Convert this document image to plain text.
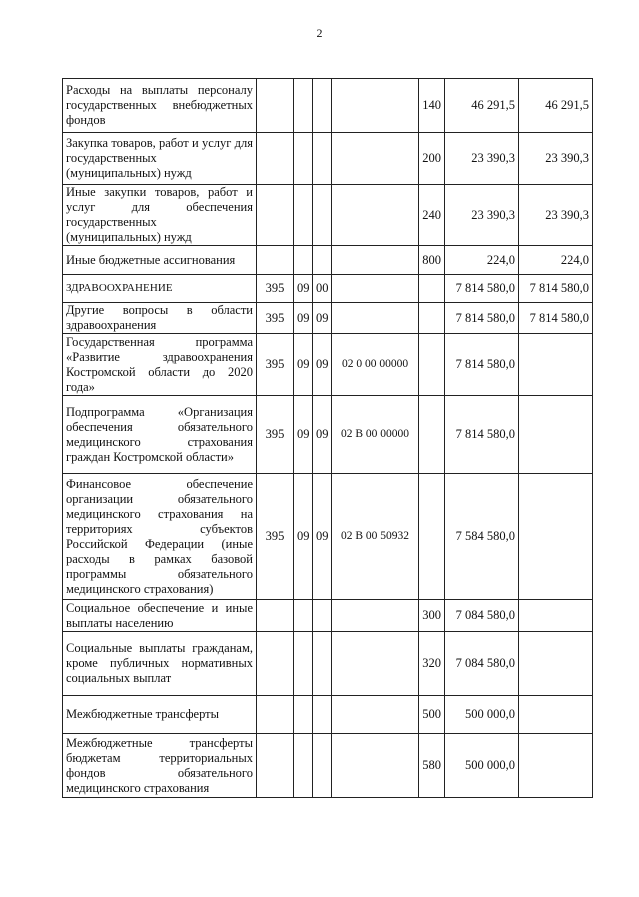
2
Расходы на выплаты персоналу государственных внебюджетных фондов					140	46 291,5	46 291,5
Закупка товаров, работ и услуг для государственных (муниципальных) нужд					200	23 390,3	23 390,3
Иные закупки товаров, работ и услуг для обеспечения государственных (муниципальных) нужд					240	23 390,3	23 390,3
Иные бюджетные ассигнования					800	224,0	224,0
ЗДРАВООХРАНЕНИЕ	395	09	00			7 814 580,0	7 814 580,0
Другие вопросы в области здравоохранения	395	09	09			7 814 580,0	7 814 580,0
Государственная программа «Развитие здравоохранения Костромской области до 2020 года»	395	09	09	02 0 00 00000		7 814 580,0	
Подпрограмма «Организация обеспечения обязательного медицинского страхования граждан Костромской области»	395	09	09	02 В 00 00000		7 814 580,0	
Финансовое обеспечение организации обязательного медицинского страхования на территориях субъектов Российской Федерации (иные расходы в рамках базовой программы обязательного медицинского страхования)	395	09	09	02 В 00 50932		7 584 580,0	
Социальное обеспечение и иные выплаты населению					300	7 084 580,0	
Социальные выплаты гражданам, кроме публичных нормативных социальных выплат					320	7 084 580,0	
Межбюджетные трансферты					500	500 000,0	
Межбюджетные трансферты бюджетам территориальных фондов обязательного медицинского страхования					580	500 000,0	
